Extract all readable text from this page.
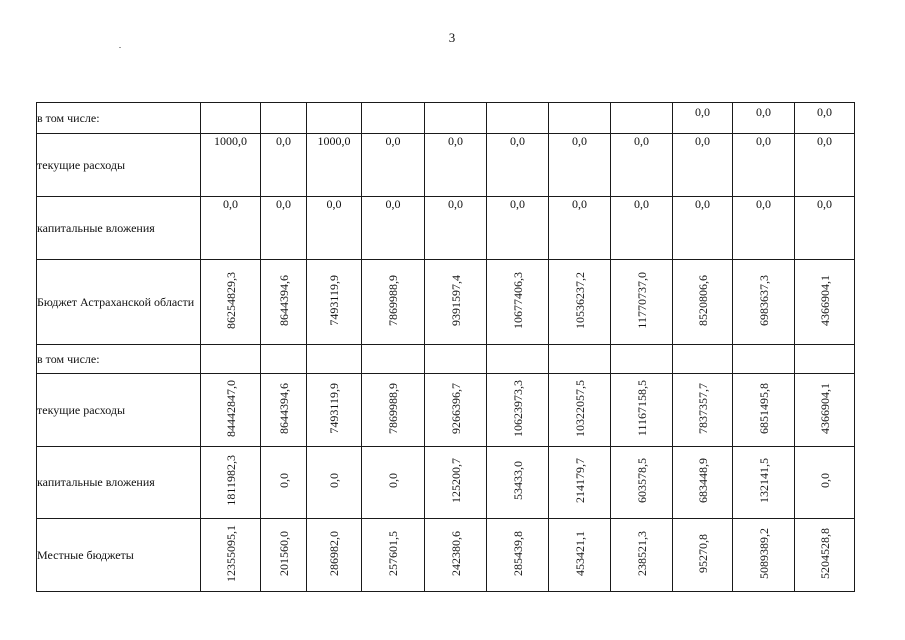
3
в том числе:									0,0	0,0	0,0
текущие расходы	1000,0	0,0	1000,0	0,0	0,0	0,0	0,0	0,0	0,0	0,0	0,0
капитальные вложения	0,0	0,0	0,0	0,0	0,0	0,0	0,0	0,0	0,0	0,0	0,0
Бюджет Астраханской области	86254829,3	8644394,6	7493119,9	7869988,9	9391597,4	10677406,3	10536237,2	11770737,0	8520806,6	6983637,3	4366904,1
в том числе:											
текущие расходы	84442847,0	8644394,6	7493119,9	7869988,9	9266396,7	10623973,3	10322057,5	11167158,5	7837357,7	6851495,8	4366904,1
капитальные вложения	1811982,3	0,0	0,0	0,0	125200,7	53433,0	214179,7	603578,5	683448,9	132141,5	0,0
Местные бюджеты	12355095,1	201560,0	286982,0	257601,5	242380,6	285439,8	453421,1	238521,3	95270,8	5089389,2	5204528,8
